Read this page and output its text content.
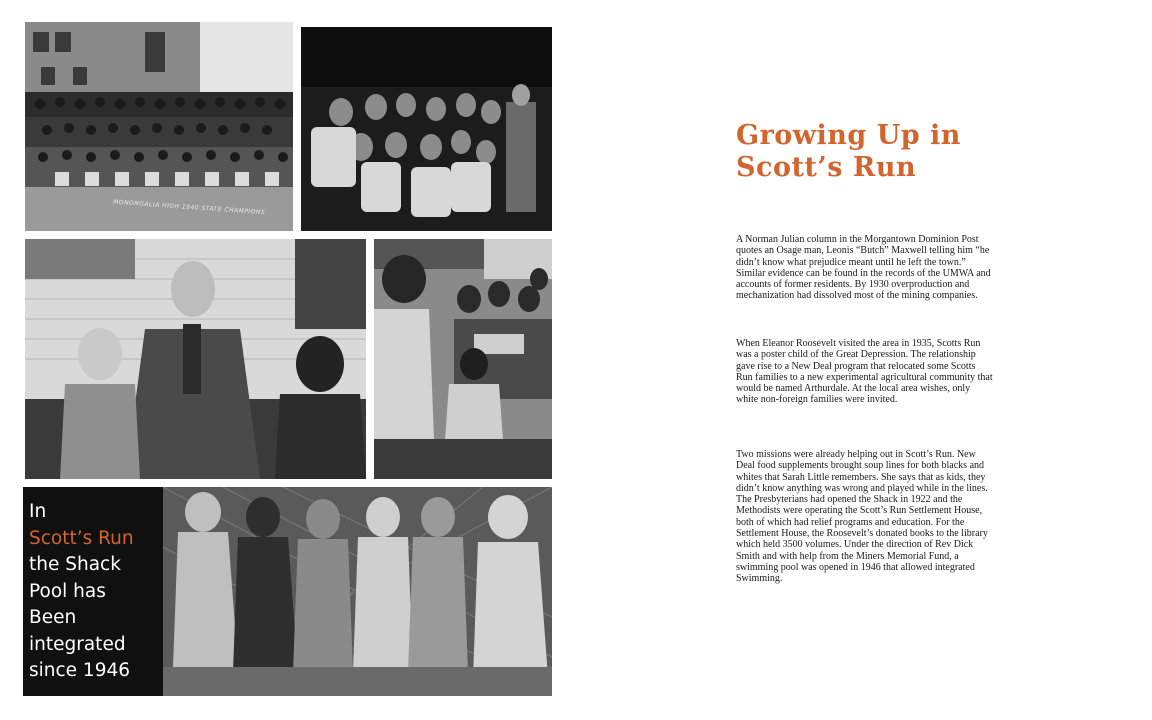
MONONGALIA HIGH 1940 STATE CHAMPIONS
In
Scott’s Run
the Shack
Pool has
Been
integrated
since 1946
Growing Up in
Scott’s Run

A Norman Julian column in the Morgantown Dominion Post quotes an Osage man, Leonis “Butch” Maxwell telling him “he didn’t know what prejudice meant until he left the town.” Similar evidence can be found in the records of the UMWA and accounts of former residents. By 1930 overproduction and mechanization had dissolved most of the mining companies.

When Eleanor Roosevelt visited the area in 1935, Scotts Run was a poster child of the Great Depression. The relationship gave rise to a New Deal program that relocated some Scotts Run families to a new experimental agricultural community that would be named Arthurdale. At the local area wishes, only white non-foreign families were invited.

Two missions were already helping out in Scott’s Run. New Deal food supplements brought soup lines for both blacks and whites that Sarah Little remembers. She says that as kids, they didn’t know anything was wrong and played while in the lines. The Presbyterians had opened the Shack in 1922 and the Methodists were operating the Scott’s Run Settlement House, both of which had relief programs and education. For the Settlement House, the Roosevelt’s donated books to the library which held 3500 volumes. Under the direction of Rev Dick Smith and with help from the Miners Memorial Fund, a swimming pool was opened in 1946 that allowed integrated Swimming.
